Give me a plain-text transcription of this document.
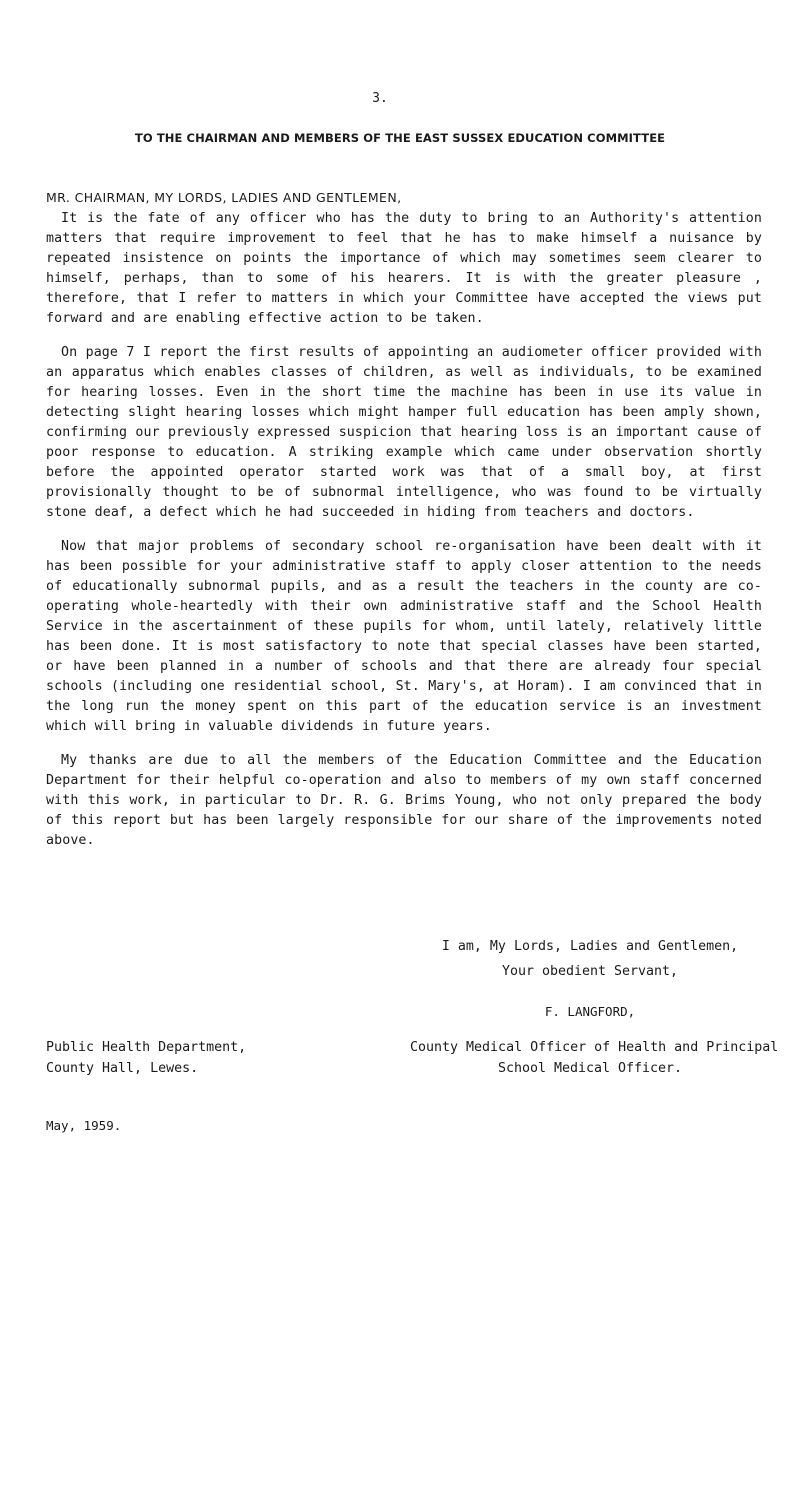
3.
TO THE CHAIRMAN AND MEMBERS OF THE EAST SUSSEX EDUCATION COMMITTEE
MR. CHAIRMAN, MY LORDS, LADIES AND GENTLEMEN,

It is the fate of any officer who has the duty to bring to an Authority's attention matters that require improvement to feel that he has to make himself a nuisance by repeated insistence on points the importance of which may sometimes seem clearer to himself, perhaps, than to some of his hearers. It is with the greater pleasure , therefore, that I refer to matters in which your Committee have accepted the views put forward and are enabling effective action to be taken.

On page 7 I report the first results of appointing an audiometer officer provided with an apparatus which enables classes of children, as well as individuals, to be examined for hearing losses. Even in the short time the machine has been in use its value in detecting slight hearing losses which might hamper full education has been amply shown, confirming our previously expressed suspicion that hearing loss is an important cause of poor response to education. A striking example which came under observation shortly before the appointed operator started work was that of a small boy, at first provisionally thought to be of subnormal intelligence, who was found to be virtually stone deaf, a defect which he had succeeded in hiding from teachers and doctors.

Now that major problems of secondary school re-organisation have been dealt with it has been possible for your administrative staff to apply closer attention to the needs of educationally subnormal pupils, and as a result the teachers in the county are co-operating whole-heartedly with their own administrative staff and the School Health Service in the ascertainment of these pupils for whom, until lately, relatively little has been done. It is most satisfactory to note that special classes have been started, or have been planned in a number of schools and that there are already four special schools (including one residential school, St. Mary's, at Horam). I am convinced that in the long run the money spent on this part of the education service is an investment which will bring in valuable dividends in future years.

My thanks are due to all the members of the Education Committee and the Education Department for their helpful co-operation and also to members of my own staff concerned with this work, in particular to Dr. R. G. Brims Young, who not only prepared the body of this report but has been largely responsible for our share of the improvements noted above.

I am, My Lords, Ladies and Gentlemen,
Your obedient Servant,
F. LANGFORD,
Public Health Department,
County Hall, Lewes.
County Medical Officer of Health and Principal
School Medical Officer.
May, 1959.
